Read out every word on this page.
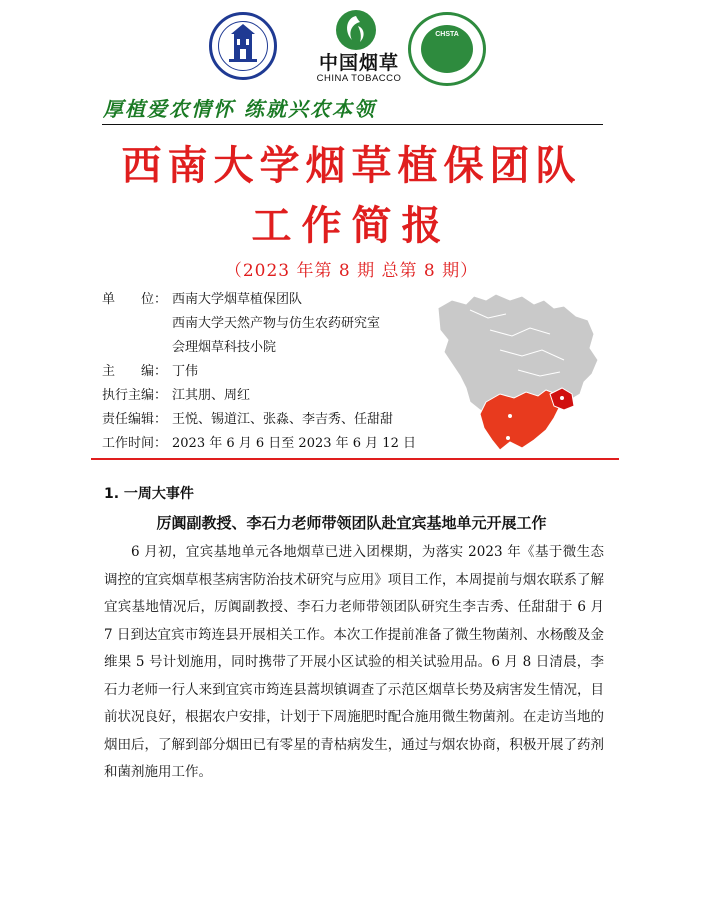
中国烟草
CHINA TOBACCO
CHSTA
厚植爱农情怀 练就兴农本领
西南大学烟草植保团队
工作简报
（2023 年第 8 期 总第 8 期）
单　　位： 西南大学烟草植保团队
西南大学天然产物与仿生农药研究室
会理烟草科技小院
主　　编： 丁伟
执行主编： 江其朋、周红
责任编辑： 王悦、锡道江、张淼、李吉秀、任甜甜
工作时间： 2023 年 6 月 6 日至 2023 年 6 月 12 日
1. 一周大事件
厉阗副教授、李石力老师带领团队赴宜宾基地单元开展工作

6 月初，宜宾基地单元各地烟草已进入团棵期，为落实 2023 年《基于微生态调控的宜宾烟草根茎病害防治技术研究与应用》项目工作，本周提前与烟农联系了解宜宾基地情况后，厉阗副教授、李石力老师带领团队研究生李吉秀、任甜甜于 6 月 7 日到达宜宾市筠连县开展相关工作。本次工作提前准备了微生物菌剂、水杨酸及金维果 5 号计划施用，同时携带了开展小区试验的相关试验用品。6 月 8 日清晨，李石力老师一行人来到宜宾市筠连县蒿坝镇调查了示范区烟草长势及病害发生情况，目前状况良好，根据农户安排，计划于下周施肥时配合施用微生物菌剂。在走访当地的烟田后，了解到部分烟田已有零星的青枯病发生，通过与烟农协商，积极开展了药剂和菌剂施用工作。
